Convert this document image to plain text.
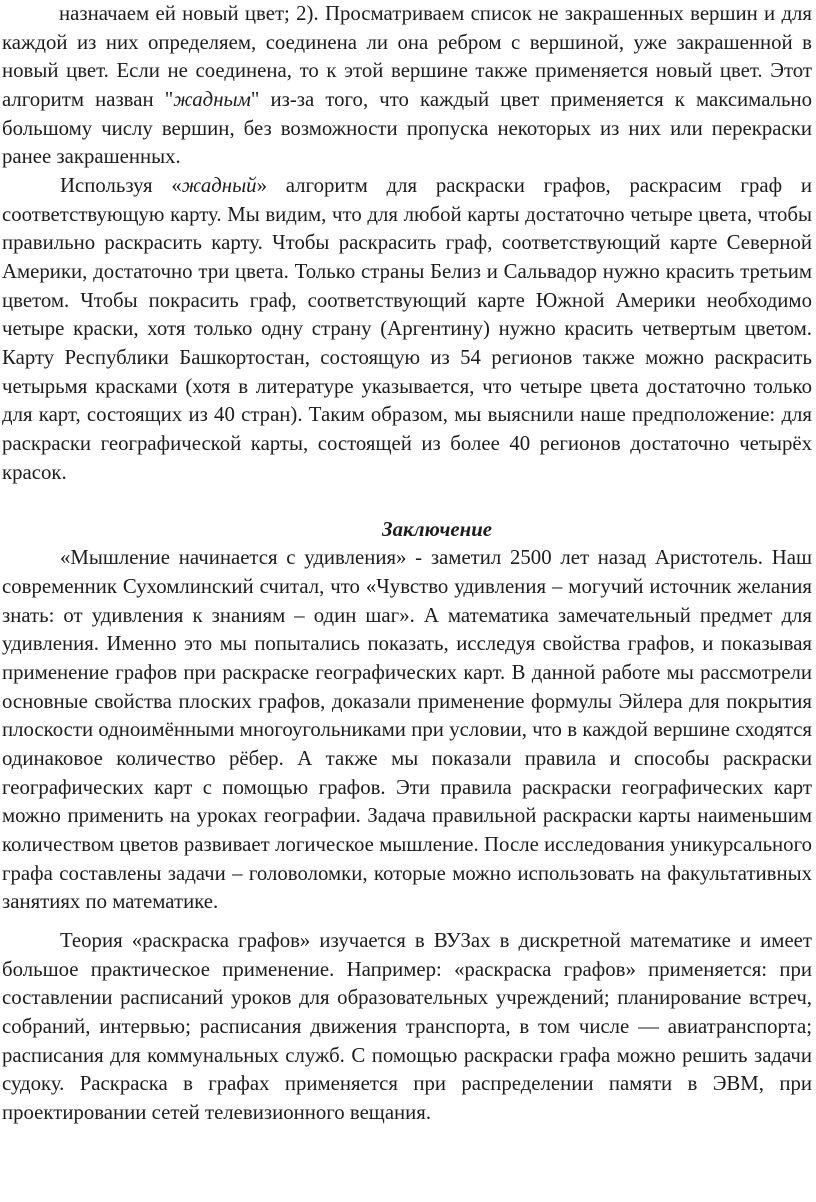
назначаем ей новый цвет; 2). Просматриваем список не закрашенных вершин и для каждой из них определяем, соединена ли она ребром с вершиной, уже закрашенной в новый цвет. Если не соединена, то к этой вершине также применяется новый цвет. Этот алгоритм назван "жадным" из-за того, что каждый цвет применяется к максимально большому числу вершин, без возможности пропуска некоторых из них или перекраски ранее закрашенных.

Используя «жадный» алгоритм для раскраски графов, раскрасим граф и соответствующую карту. Мы видим, что для любой карты достаточно четыре цвета, чтобы правильно раскрасить карту. Чтобы раскрасить граф, соответствующий карте Северной Америки, достаточно три цвета. Только страны Белиз и Сальвадор нужно красить третьим цветом. Чтобы покрасить граф, соответствующий карте Южной Америки необходимо четыре краски, хотя только одну страну (Аргентину) нужно красить четвертым цветом. Карту Республики Башкортостан, состоящую из 54 регионов также можно раскрасить четырьмя красками (хотя в литературе указывается, что четыре цвета достаточно только для карт, состоящих из 40 стран). Таким образом, мы выяснили наше предположение: для раскраски географической карты, состоящей из более 40 регионов достаточно четырёх красок.

Заключение

«Мышление начинается с удивления» - заметил 2500 лет назад Аристотель. Наш современник Сухомлинский считал, что «Чувство удивления – могучий источник желания знать: от удивления к знаниям – один шаг». А математика замечательный предмет для удивления. Именно это мы попытались показать, исследуя свойства графов, и показывая применение графов при раскраске географических карт. В данной работе мы рассмотрели основные свойства плоских графов, доказали применение формулы Эйлера для покрытия плоскости одноимёнными многоугольниками при условии, что в каждой вершине сходятся одинаковое количество рёбер. А также мы показали правила и способы раскраски географических карт с помощью графов. Эти правила раскраски географических карт можно применить на уроках географии. Задача правильной раскраски карты наименьшим количеством цветов развивает логическое мышление. После исследования уникурсального графа составлены задачи – головоломки, которые можно использовать на факультативных занятиях по математике.

Теория «раскраска графов» изучается в ВУЗах в дискретной математике и имеет большое практическое применение. Например: «раскраска графов» применяется: при составлении расписаний уроков для образовательных учреждений; планирование встреч, собраний, интервью; расписания движения транспорта, в том числе — авиатранспорта; расписания для коммунальных служб. С помощью раскраски графа можно решить задачи судоку. Раскраска в графах применяется при распределении памяти в ЭВМ, при проектировании сетей телевизионного вещания.
